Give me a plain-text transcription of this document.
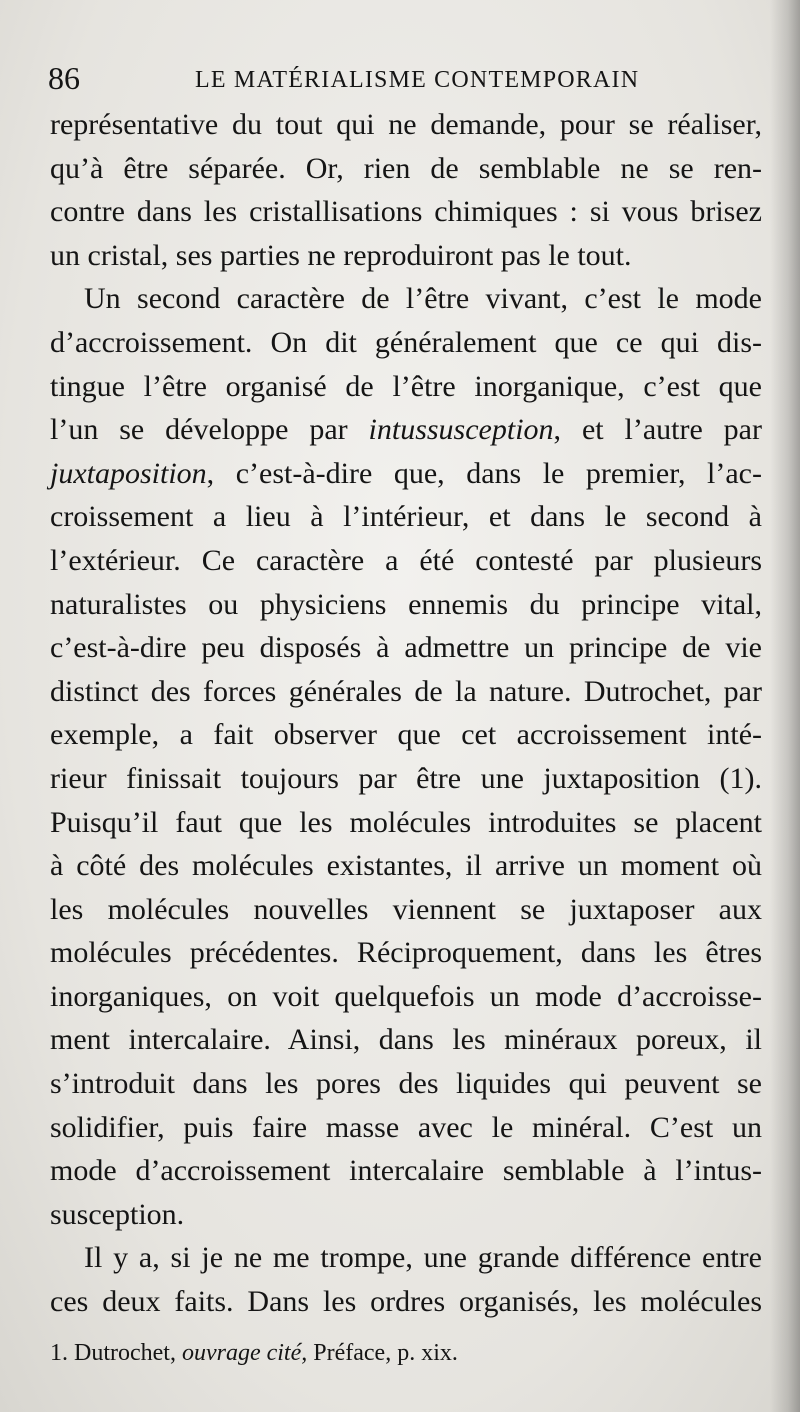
86	LE MATÉRIALISME CONTEMPORAIN
représentative du tout qui ne demande, pour se réaliser,
qu’à être séparée. Or, rien de semblable ne se ren-
contre dans les cristallisations chimiques : si vous brisez
un cristal, ses parties ne reproduiront pas le tout.
Un second caractère de l’être vivant, c’est le mode
d’accroissement. On dit généralement que ce qui dis-
tingue l’être organisé de l’être inorganique, c’est que
l’un se développe par intussusception, et l’autre par
juxtaposition, c’est-à-dire que, dans le premier, l’ac-
croissement a lieu à l’intérieur, et dans le second à
l’extérieur. Ce caractère a été contesté par plusieurs
naturalistes ou physiciens ennemis du principe vital,
c’est-à-dire peu disposés à admettre un principe de vie
distinct des forces générales de la nature. Dutrochet, par
exemple, a fait observer que cet accroissement inté-
rieur finissait toujours par être une juxtaposition (1).
Puisqu’il faut que les molécules introduites se placent
à côté des molécules existantes, il arrive un moment où
les molécules nouvelles viennent se juxtaposer aux
molécules précédentes. Réciproquement, dans les êtres
inorganiques, on voit quelquefois un mode d’accroisse-
ment intercalaire. Ainsi, dans les minéraux poreux, il
s’introduit dans les pores des liquides qui peuvent se
solidifier, puis faire masse avec le minéral. C’est un
mode d’accroissement intercalaire semblable à l’intus-
susception.
Il y a, si je ne me trompe, une grande différence entre
ces deux faits. Dans les ordres organisés, les molécules
1. Dutrochet, ouvrage cité, Préface, p. xix.
